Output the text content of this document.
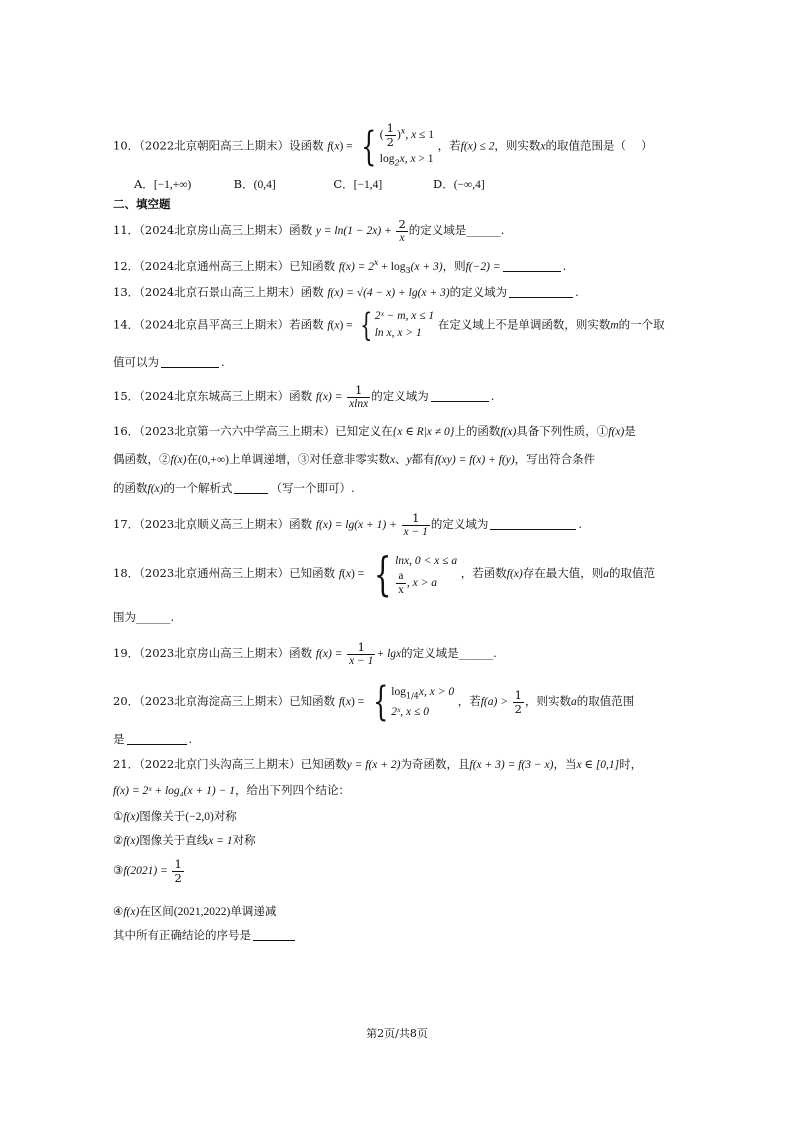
10．（2022北京朝阳高三上期末）设函数 f(x) = { ( $\frac{1}{2} )^x$, x ≤ 1
$\log_2x$, x > 1
，若f(x) ≤ 2，则实数x的取值范围是（　 ）
A．[−1,+∞)	B．(0,4]	C．[−1,4]	D．(−∞,4]
二、填空题
11．（2024北京房山高三上期末）函数 $y = \ln(1 - 2x) + \frac{2}{x}$ 的定义域是______.
12．（2024北京通州高三上期末）已知函数 $f(x) = 2^x + \log_3(x + 3)$，则f(−2) =	.
13．（2024北京石景山高三上期末）函数 f(x) = √(4 − x) + lg(x + 3)的定义域为	.
14．（2024北京昌平高三上期末）若函数 f(x) = { 2ˣ − m, x ≤ 1
ln x, x > 1
在定义域上不是单调函数，则实数m的一个取
值可以为	.
15．（2024北京东城高三上期末）函数 $f(x) = \frac{1}{xlnx}$ 的定义域为	.
16．（2023北京第一六六中学高三上期末）已知定义在{x ∈ R|x ≠ 0}上的函数f(x)具备下列性质，①f(x)是
偶函数，②f(x)在(0,+∞)上单调递增，③对任意非零实数x、y都有f(xy) = f(x) + f(y)，写出符合条件
的函数f(x)的一个解析式	（写一个即可）.
17．（2023北京顺义高三上期末）函数 $f(x) = \lg(x + 1) + \frac{1}{x - 1}$ 的定义域为	.
18．（2023北京通州高三上期末）已知函数 f(x) = { lnx, 0 < x ≤ a
$\frac{a}{x}$ , x > a
，若函数f(x)存在最大值，则a的取值范
围为______.
19．（2023北京房山高三上期末）函数 $f(x) = \frac{1}{x - 1} + \lg x$的定义域是______.
20．（2023北京海淀高三上期末）已知函数 f(x) = { $\log_{1/4}x$, x > 0
2ˣ, x ≤ 0
，若$f(a) > \frac{1}{2}$ ，则实数a的取值范围
是	.
21．（2022北京门头沟高三上期末）已知函数y = f(x + 2)为奇函数，且f(x + 3) = f(3 − x)，当x ∈ [0,1]时，
f(x) = 2ˣ + log₄(x + 1) − 1，给出下列四个结论：
①f(x)图像关于(−2,0)对称
②f(x)图像关于直线x = 1对称
③f(2021) = $\frac{1}{2}$
④f(x)在区间(2021,2022)单调递减
其中所有正确结论的序号是
第2页/共8页
